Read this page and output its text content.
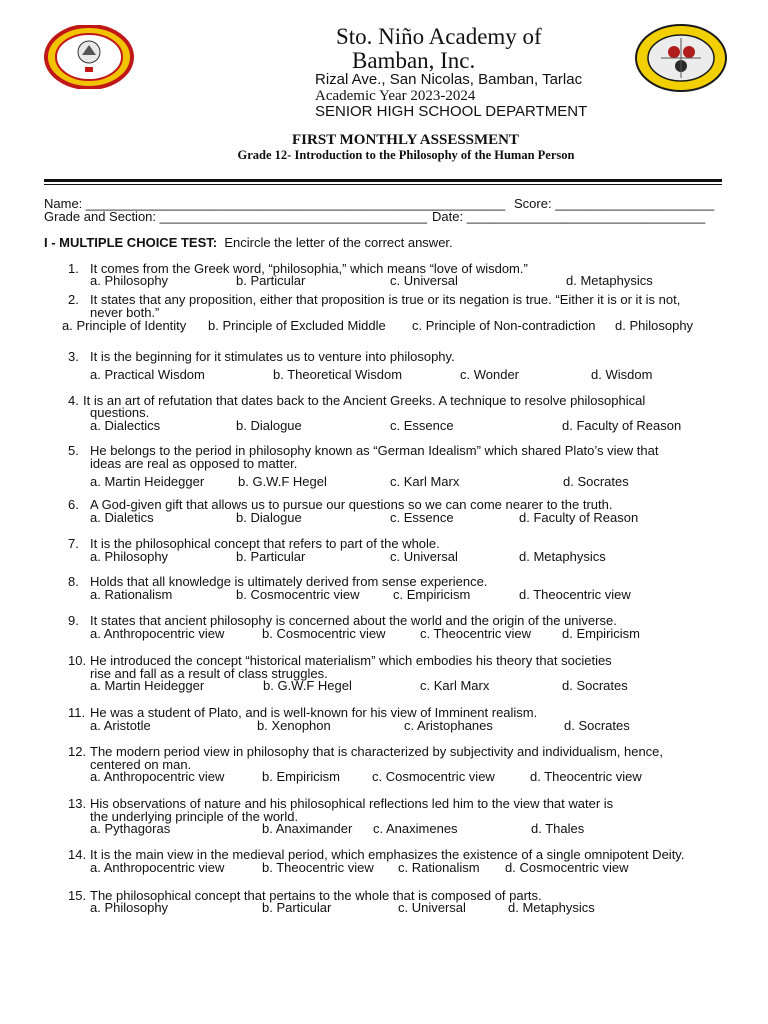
Sto. Niño Academy of
Bamban, Inc.
Rizal Ave., San Nicolas, Bamban, Tarlac
Academic Year 2023-2024
SENIOR HIGH SCHOOL DEPARTMENT
FIRST MONTHLY ASSESSMENT
Grade 12- Introduction to the Philosophy of the Human Person
Name: __________________________________________________________ Score: ______________________
Grade and Section: _____________________________________ Date: _________________________________
I - MULTIPLE CHOICE TEST: Encircle the letter of the correct answer.
1. It comes from the Greek word, “philosophia,” which means “love of wisdom.”
a. Philosophy	b. Particular	c. Universal	d. Metaphysics
2. It states that any proposition, either that proposition is true or its negation is true. “Either it is or it is not,
never both.”
a. Principle of Identity b. Principle of Excluded Middle c. Principle of Non-contradiction d. Philosophy
3. It is the beginning for it stimulates us to venture into philosophy.
a. Practical Wisdom	b. Theoretical Wisdom	c. Wonder	d. Wisdom
4. It is an art of refutation that dates back to the Ancient Greeks. A technique to resolve philosophical
questions.
a. Dialectics	b. Dialogue	c. Essence	d. Faculty of Reason
5. He belongs to the period in philosophy known as “German Idealism” which shared Plato’s view that
ideas are real as opposed to matter.
a. Martin Heidegger	b. G.W.F Hegel	c. Karl Marx	d. Socrates
6. A God-given gift that allows us to pursue our questions so we can come nearer to the truth.
a. Dialetics	b. Dialogue	c. Essence	d. Faculty of Reason
7. It is the philosophical concept that refers to part of the whole.
a. Philosophy	b. Particular	c. Universal	d. Metaphysics
8. Holds that all knowledge is ultimately derived from sense experience.
a. Rationalism	b. Cosmocentric view	c. Empiricism	d. Theocentric view
9. It states that ancient philosophy is concerned about the world and the origin of the universe.
a. Anthropocentric view	b. Cosmocentric view	c. Theocentric view d. Empiricism
10. He introduced the concept “historical materialism” which embodies his theory that societies
rise and fall as a result of class struggles.
a. Martin Heidegger	b. G.W.F Hegel	c. Karl Marx	d. Socrates
11. He was a student of Plato, and is well-known for his view of Imminent realism.
a. Aristotle	b. Xenophon	c. Aristophanes	d. Socrates
12. The modern period view in philosophy that is characterized by subjectivity and individualism, hence,
centered on man.
a. Anthropocentric view	b. Empiricism c. Cosmocentric view	d. Theocentric view
13. His observations of nature and his philosophical reflections led him to the view that water is
the underlying principle of the world.
a. Pythagoras	b. Anaximander c. Anaximenes	d. Thales
14. It is the main view in the medieval period, which emphasizes the existence of a single omnipotent Deity.
a. Anthropocentric view	b. Theocentric view c. Rationalism d. Cosmocentric view
15. The philosophical concept that pertains to the whole that is composed of parts.
a. Philosophy	b. Particular	c. Universal	d. Metaphysics
